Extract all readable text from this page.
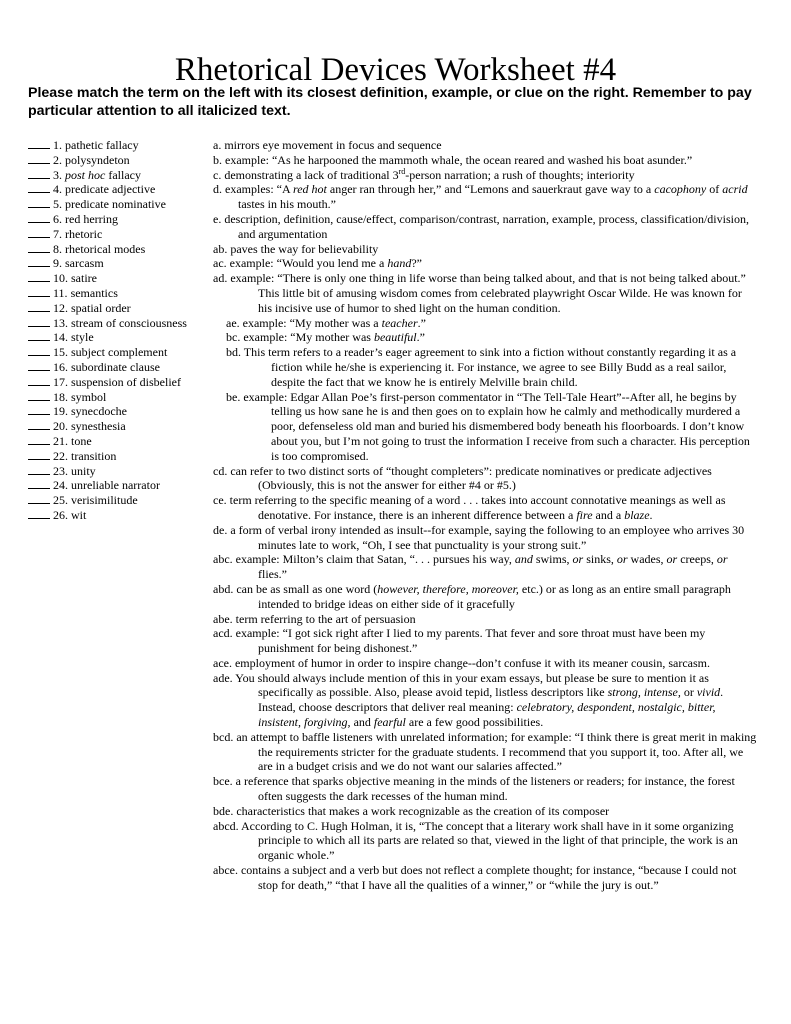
Rhetorical Devices Worksheet #4
Please match the term on the left with its closest definition, example, or clue on the right. Remember to pay particular attention to all italicized text.
1. pathetic fallacy
2. polysyndeton
3. post hoc fallacy
4. predicate adjective
5. predicate nominative
6. red herring
7. rhetoric
8. rhetorical modes
9. sarcasm
10. satire
11. semantics
12. spatial order
13. stream of consciousness
14. style
15. subject complement
16. subordinate clause
17. suspension of disbelief
18. symbol
19. synecdoche
20. synesthesia
21. tone
22. transition
23. unity
24. unreliable narrator
25. verisimilitude
26. wit
a. mirrors eye movement in focus and sequence
b. example: “As he harpooned the mammoth whale, the ocean reared and washed his boat asunder.”
c. demonstrating a lack of traditional 3rd-person narration; a rush of thoughts; interiority
d. examples: “A red hot anger ran through her,” and “Lemons and sauerkraut gave way to a cacophony of acrid tastes in his mouth.”
e. description, definition, cause/effect, comparison/contrast, narration, example, process, classification/division, and argumentation
ab. paves the way for believability
ac. example: “Would you lend me a hand?”
ad. example: “There is only one thing in life worse than being talked about, and that is not being talked about.” This little bit of amusing wisdom comes from celebrated playwright Oscar Wilde. He was known for his incisive use of humor to shed light on the human condition.
ae. example: “My mother was a teacher.”
bc. example: “My mother was beautiful.”
bd. This term refers to a reader’s eager agreement to sink into a fiction without constantly regarding it as a fiction while he/she is experiencing it. For instance, we agree to see Billy Budd as a real sailor, despite the fact that we know he is entirely Melville brain child.
be. example: Edgar Allan Poe’s first-person commentator in “The Tell-Tale Heart”--After all, he begins by telling us how sane he is and then goes on to explain how he calmly and methodically murdered a poor, defenseless old man and buried his dismembered body beneath his floorboards. I don’t know about you, but I’m not going to trust the information I receive from such a character. His perception is too compromised.
cd. can refer to two distinct sorts of “thought completers”: predicate nominatives or predicate adjectives (Obviously, this is not the answer for either #4 or #5.)
ce. term referring to the specific meaning of a word . . . takes into account connotative meanings as well as denotative. For instance, there is an inherent difference between a fire and a blaze.
de. a form of verbal irony intended as insult--for example, saying the following to an employee who arrives 30 minutes late to work, “Oh, I see that punctuality is your strong suit.”
abc. example: Milton’s claim that Satan, “. . . pursues his way, and swims, or sinks, or wades, or creeps, or flies.”
abd. can be as small as one word (however, therefore, moreover, etc.) or as long as an entire small paragraph intended to bridge ideas on either side of it gracefully
abe. term referring to the art of persuasion
acd. example: “I got sick right after I lied to my parents. That fever and sore throat must have been my punishment for being dishonest.”
ace. employment of humor in order to inspire change--don’t confuse it with its meaner cousin, sarcasm.
ade. You should always include mention of this in your exam essays, but please be sure to mention it as specifically as possible. Also, please avoid tepid, listless descriptors like strong, intense, or vivid. Instead, choose descriptors that deliver real meaning: celebratory, despondent, nostalgic, bitter, insistent, forgiving, and fearful are a few good possibilities.
bcd. an attempt to baffle listeners with unrelated information; for example: “I think there is great merit in making the requirements stricter for the graduate students. I recommend that you support it, too. After all, we are in a budget crisis and we do not want our salaries affected.”
bce. a reference that sparks objective meaning in the minds of the listeners or readers; for instance, the forest often suggests the dark recesses of the human mind.
bde. characteristics that makes a work recognizable as the creation of its composer
abcd. According to C. Hugh Holman, it is, “The concept that a literary work shall have in it some organizing principle to which all its parts are related so that, viewed in the light of that principle, the work is an organic whole.”
abce. contains a subject and a verb but does not reflect a complete thought; for instance, “because I could not stop for death,” “that I have all the qualities of a winner,” or “while the jury is out.”
